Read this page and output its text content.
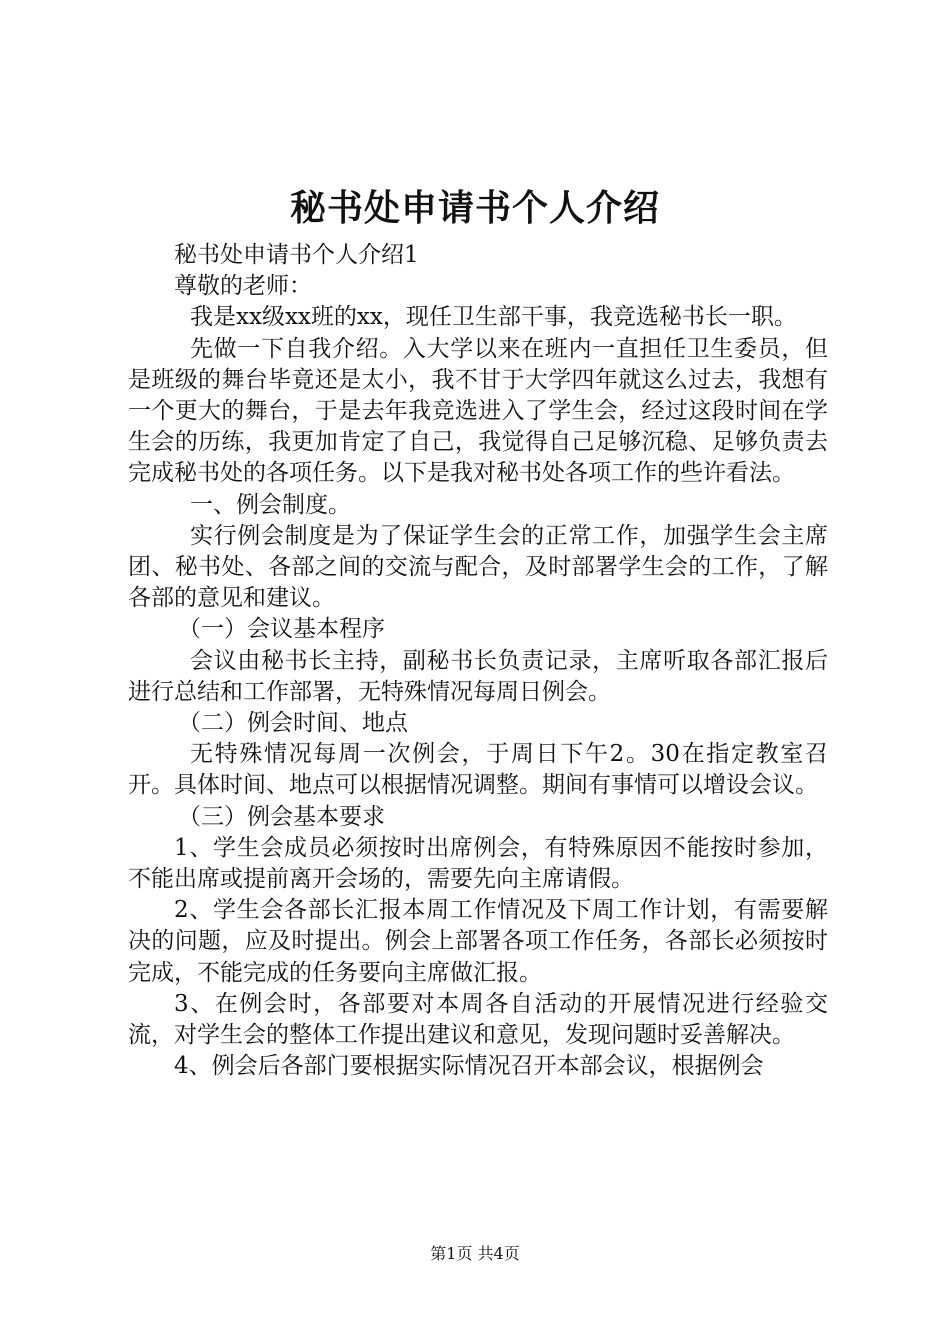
秘书处申请书个人介绍

秘书处申请书个人介绍1

尊敬的老师：

我是xx级xx班的xx，现任卫生部干事，我竞选秘书长一职。

先做一下自我介绍。入大学以来在班内一直担任卫生委员，但是班级的舞台毕竟还是太小，我不甘于大学四年就这么过去，我想有一个更大的舞台，于是去年我竞选进入了学生会，经过这段时间在学生会的历练，我更加肯定了自己，我觉得自己足够沉稳、足够负责去完成秘书处的各项任务。以下是我对秘书处各项工作的些许看法。

一、例会制度。

实行例会制度是为了保证学生会的正常工作，加强学生会主席团、秘书处、各部之间的交流与配合，及时部署学生会的工作，了解各部的意见和建议。

（一）会议基本程序

会议由秘书长主持，副秘书长负责记录，主席听取各部汇报后进行总结和工作部署，无特殊情况每周日例会。

（二）例会时间、地点

无特殊情况每周一次例会，于周日下午2。30在指定教室召开。具体时间、地点可以根据情况调整。期间有事情可以增设会议。

（三）例会基本要求

1、学生会成员必须按时出席例会，有特殊原因不能按时参加，不能出席或提前离开会场的，需要先向主席请假。

2、学生会各部长汇报本周工作情况及下周工作计划，有需要解决的问题，应及时提出。例会上部署各项工作任务，各部长必须按时完成，不能完成的任务要向主席做汇报。

3、在例会时，各部要对本周各自活动的开展情况进行经验交流，对学生会的整体工作提出建议和意见，发现问题时妥善解决。

4、例会后各部门要根据实际情况召开本部会议，根据例会

第1页 共4页
